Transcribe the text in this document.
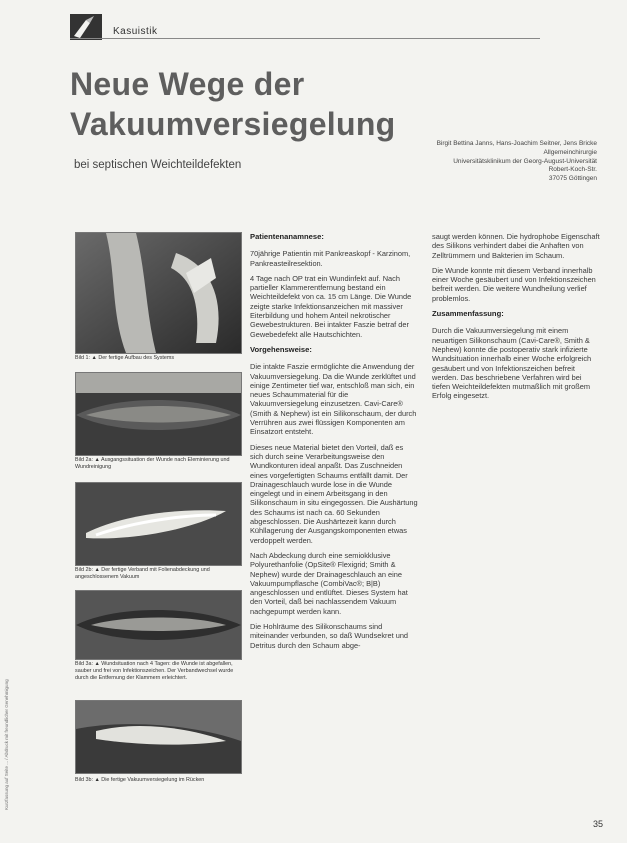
Kasuistik
Neue Wege der Vakuumversiegelung
bei septischen Weichteildefekten
Birgit Bettina Janns, Hans-Joachim Seitner, Jens Bricke
Allgemeinchirurgie
Universitätsklinikum der Georg-August-Universität
Robert-Koch-Str.
37075 Göttingen
Bild 1: ▲ Der fertige Aufbau des Systems
Bild 2a: ▲ Ausgangssituation der Wunde nach Eleminierung und Wundreinigung
Bild 2b: ▲ Der fertige Verband mit Folienabdeckung und angeschlossenem Vakuum
Bild 3a: ▲ Wundsituation nach 4 Tagen: die Wunde ist abgefallen, sauber und frei von Infektionszeichen. Der Verbandwechsel wurde durch die Entfernung der Klammern erleichtert.
Bild 3b: ▲ Die fertige Vakuumversiegelung im Rücken
Patientenanamnese:

70jährige Patientin mit Pankreaskopf - Karzinom, Pankreasteilresektion.

4 Tage nach OP trat ein Wundinfekt auf. Nach partieller Klammerentfernung bestand ein Weichteildefekt von ca. 15 cm Länge. Die Wunde zeigte starke Infektionsanzeichen mit massiver Eiterbildung und hohem Anteil nekrotischer Gewebestrukturen. Bei intakter Faszie betraf der Gewebedefekt alle Hautschichten.

Vorgehensweise:

Die intakte Faszie ermöglichte die Anwendung der Vakuumversiegelung. Da die Wunde zerklüftet und einige Zentimeter tief war, entschloß man sich, ein neues Schaummaterial für die Vakuumversiegelung einzusetzen. Cavi-Care® (Smith & Nephew) ist ein Silikonschaum, der durch Verrühren aus zwei flüssigen Komponenten am Einsatzort entsteht.

Dieses neue Material bietet den Vorteil, daß es sich durch seine Verarbeitungsweise den Wundkonturen ideal anpaßt. Das Zuschneiden eines vorgefertigten Schaums entfällt damit. Der Drainageschlauch wurde lose in die Wunde eingelegt und in einem Arbeitsgang in den Silikonschaum in situ eingegossen. Die Aushärtung des Schaums ist nach ca. 60 Sekunden abgeschlossen. Die Aushärtezeit kann durch Kühllagerung der Ausgangskomponenten etwas verdoppelt werden.

Nach Abdeckung durch eine semiokklusive Polyurethanfolie (OpSite® Flexigrid; Smith & Nephew) wurde der Drainageschlauch an eine Vakuumpumpflasche (CombiVac®; B|B) angeschlossen und entlüftet. Dieses System hat den Vorteil, daß bei nachlassendem Vakuum nachgepumpt werden kann.

Die Hohlräume des Silikonschaums sind miteinander verbunden, so daß Wundsekret und Detritus durch den Schaum abge-

saugt werden können. Die hydrophobe Eigenschaft des Silikons verhindert dabei die Anhaften von Zelltrümmern und Bakterien im Schaum.

Die Wunde konnte mit diesem Verband innerhalb einer Woche gesäubert und von Infektionszeichen befreit werden. Die weitere Wundheilung verlief problemlos.

Zusammenfassung:

Durch die Vakuumversiegelung mit einem neuartigen Silikonschaum (Cavi-Care®, Smith & Nephew) konnte die postoperativ stark infizierte Wundsituation innerhalb einer Woche erfolgreich gesäubert und von Infektionszeichen befreit werden. Das beschriebene Verfahren wird bei tiefen Weichteildefekten mutmaßlich mit großem Erfolg eingesetzt.

Kurzfassung auf Seite ... / Abdruck mit freundlicher Genehmigung
35
